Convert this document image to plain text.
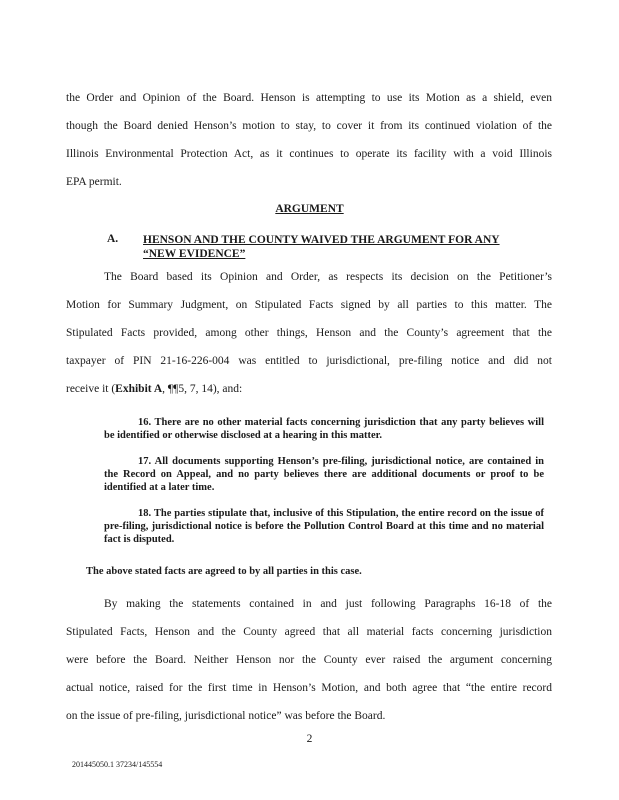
the Order and Opinion of the Board. Henson is attempting to use its Motion as a shield, even
though the Board denied Henson’s motion to stay, to cover it from its continued violation of the
Illinois Environmental Protection Act, as it continues to operate its facility with a void Illinois
EPA permit.
ARGUMENT
A. HENSON AND THE COUNTY WAIVED THE ARGUMENT FOR ANY
“NEW EVIDENCE”
The Board based its Opinion and Order, as respects its decision on the Petitioner’s
Motion for Summary Judgment, on Stipulated Facts signed by all parties to this matter. The
Stipulated Facts provided, among other things, Henson and the County’s agreement that the
taxpayer of PIN 21-16-226-004 was entitled to jurisdictional, pre-filing notice and did not
receive it (Exhibit A, ¶¶5, 7, 14), and:
16. There are no other material facts concerning jurisdiction that any party believes will be identified or otherwise disclosed at a hearing in this matter.
17. All documents supporting Henson’s pre-filing, jurisdictional notice, are contained in the Record on Appeal, and no party believes there are additional documents or proof to be identified at a later time.
18. The parties stipulate that, inclusive of this Stipulation, the entire record on the issue of pre-filing, jurisdictional notice is before the Pollution Control Board at this time and no material fact is disputed.
The above stated facts are agreed to by all parties in this case.
By making the statements contained in and just following Paragraphs 16-18 of the
Stipulated Facts, Henson and the County agreed that all material facts concerning jurisdiction
were before the Board. Neither Henson nor the County ever raised the argument concerning
actual notice, raised for the first time in Henson’s Motion, and both agree that “the entire record
on the issue of pre-filing, jurisdictional notice” was before the Board.
2
201445050.1 37234/145554
